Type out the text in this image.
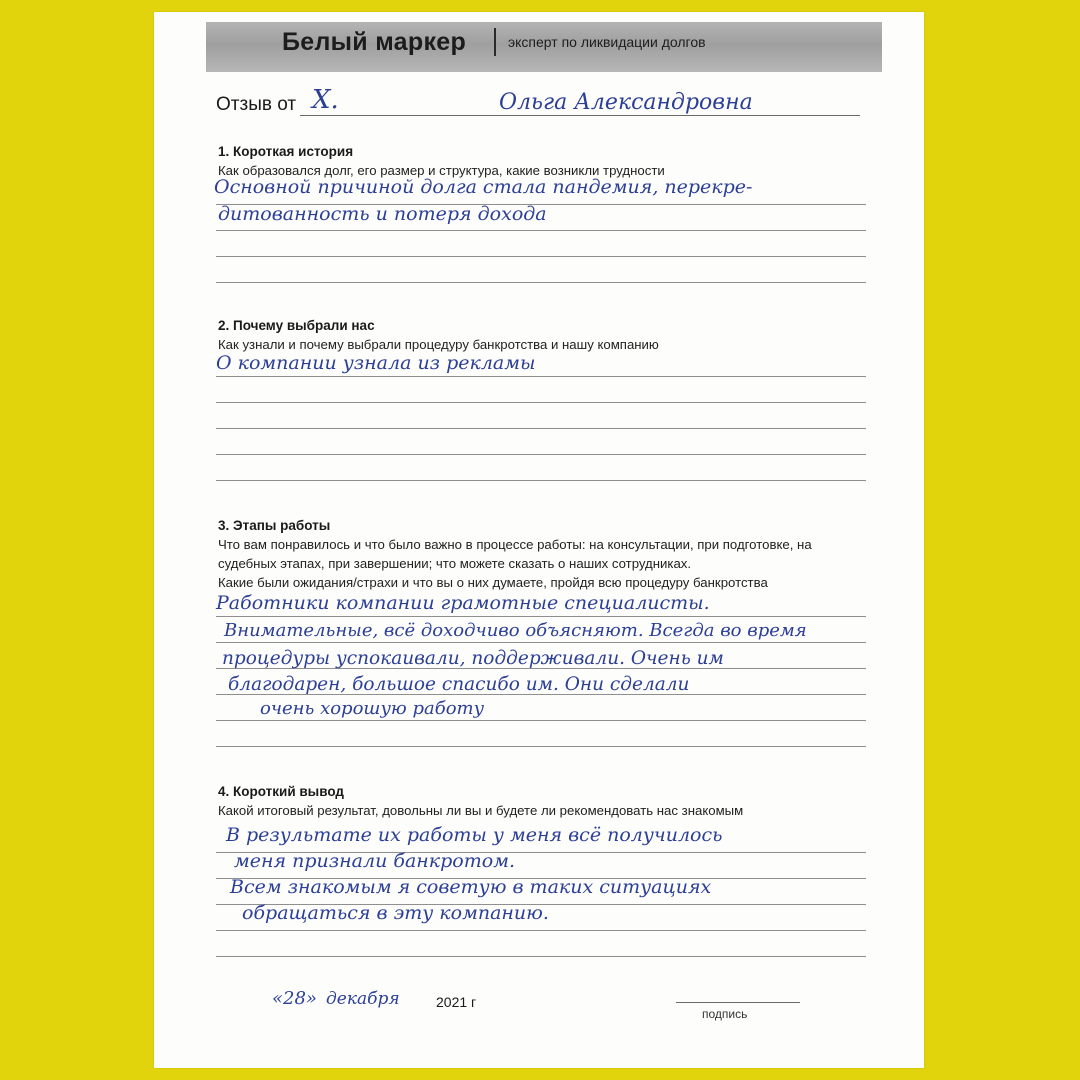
Белый маркер	эксперт по ликвидации долгов
Отзыв от Х.	Ольга Александровна
1. Короткая история
Как образовался долг, его размер и структура, какие возникли трудности
Основной причиной долга стала пандемия, перекре-
дитованность и потеря дохода
2. Почему выбрали нас
Как узнали и почему выбрали процедуру банкротства и нашу компанию
О компании узнала из рекламы
3. Этапы работы
Что вам понравилось и что было важно в процессе работы: на консультации, при подготовке, на
судебных этапах, при завершении; что можете сказать о наших сотрудниках.
Какие были ожидания/страхи и что вы о них думаете, пройдя всю процедуру банкротства
Работники компании грамотные специалисты.
Внимательные, всё доходчиво объясняют. Всегда во время
процедуры успокаивали, поддерживали. Очень им
благодарен, большое спасибо им. Они сделали
очень хорошую работу
4. Короткий вывод
Какой итоговый результат, довольны ли вы и будете ли рекомендовать нас знакомым
В результате их работы у меня всё получилось
меня признали банкротом.
Всем знакомым я советую в таких ситуациях
обращаться в эту компанию.
«28» декабря	2021 г
подпись
